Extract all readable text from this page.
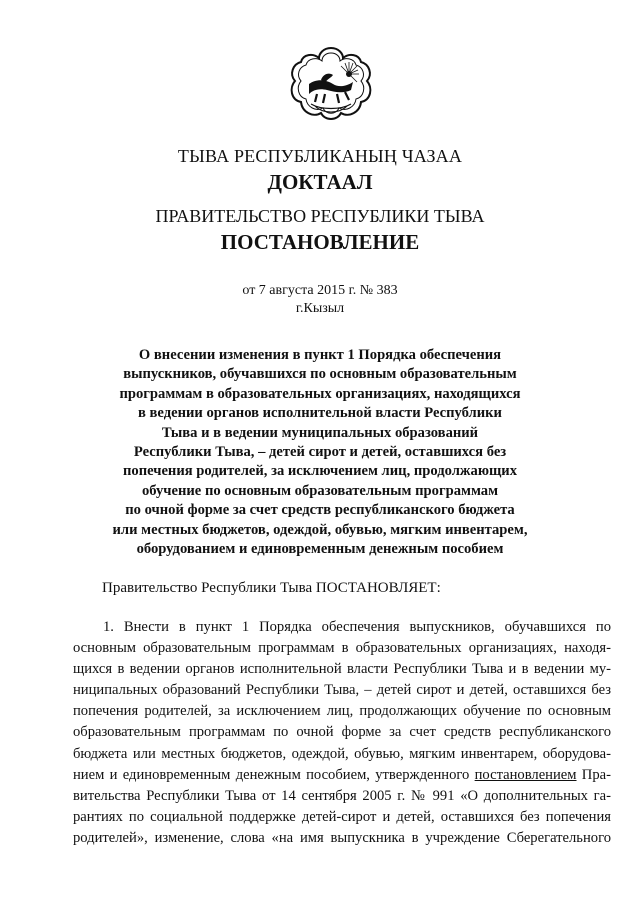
ТЫВА РЕСПУБЛИКАНЫҢ ЧАЗАА
ДОКТААЛ
ПРАВИТЕЛЬСТВО РЕСПУБЛИКИ ТЫВА
ПОСТАНОВЛЕНИЕ
от 7 августа 2015 г. № 383
г.Кызыл
О внесении изменения в пункт 1 Порядка обеспечения
выпускников, обучавшихся по основным образовательным
программам в образовательных организациях, находящихся
в ведении органов исполнительной власти Республики
Тыва и в ведении муниципальных образований
Республики Тыва, – детей сирот и детей, оставшихся без
попечения родителей, за исключением лиц, продолжающих
обучение по основным образовательным программам
по очной форме за счет средств республиканского бюджета
или местных бюджетов, одеждой, обувью, мягким инвентарем,
оборудованием и единовременным денежным пособием
Правительство Республики Тыва ПОСТАНОВЛЯЕТ:
1. Внести в пункт 1 Порядка обеспечения выпускников, обучавшихся по
основным образовательным программам в образовательных организациях, находя-
щихся в ведении органов исполнительной власти Республики Тыва и в ведении му-
ниципальных образований Республики Тыва, – детей сирот и детей, оставшихся без
попечения родителей, за исключением лиц, продолжающих обучение по основным
образовательным программам по очной форме за счет средств республиканского
бюджета или местных бюджетов, одеждой, обувью, мягким инвентарем, оборудова-
нием и единовременным денежным пособием, утвержденного постановлением Пра-
вительства Республики Тыва от 14 сентября 2005 г. № 991 «О дополнительных га-
рантиях по социальной поддержке детей-сирот и детей, оставшихся без попечения
родителей», изменение, слова «на имя выпускника в учреждение Сберегательного
